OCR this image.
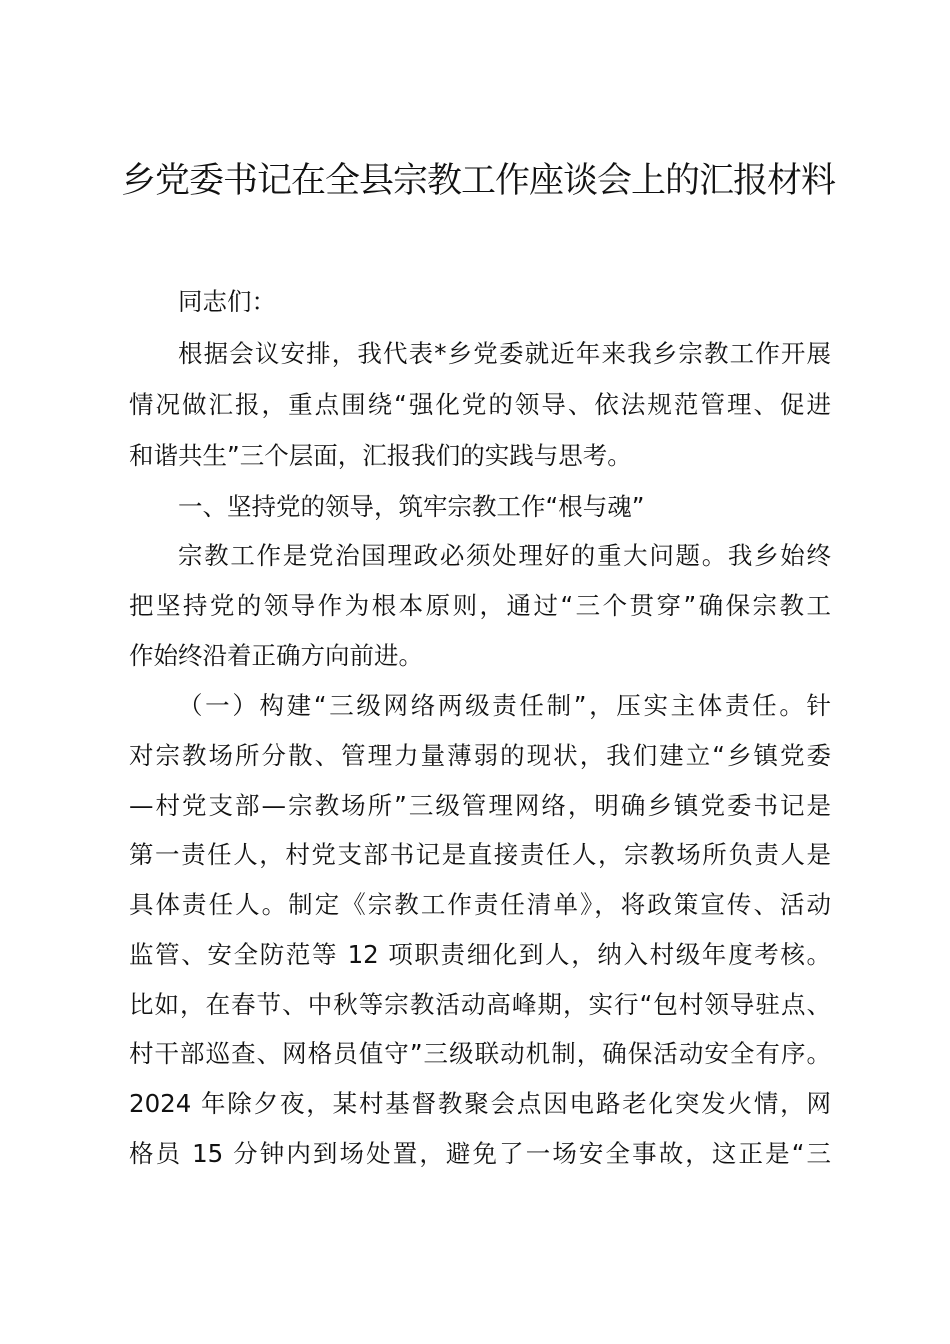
乡党委书记在全县宗教工作座谈会上的汇报材料
同志们：
根据会议安排，我代表*乡党委就近年来我乡宗教工作开展
情况做汇报，重点围绕“强化党的领导、依法规范管理、促进
和谐共生”三个层面，汇报我们的实践与思考。
一、坚持党的领导，筑牢宗教工作“根与魂”
宗教工作是党治国理政必须处理好的重大问题。我乡始终
把坚持党的领导作为根本原则，通过“三个贯穿”确保宗教工
作始终沿着正确方向前进。
（一）构建“三级网络两级责任制”，压实主体责任。针
对宗教场所分散、管理力量薄弱的现状，我们建立“乡镇党委
—村党支部—宗教场所”三级管理网络，明确乡镇党委书记是
第一责任人，村党支部书记是直接责任人，宗教场所负责人是
具体责任人。制定《宗教工作责任清单》，将政策宣传、活动
监管、安全防范等 12 项职责细化到人，纳入村级年度考核。
比如，在春节、中秋等宗教活动高峰期，实行“包村领导驻点、
村干部巡查、网格员值守”三级联动机制，确保活动安全有序。
2024 年除夕夜，某村基督教聚会点因电路老化突发火情，网
格员 15 分钟内到场处置，避免了一场安全事故，这正是“三
